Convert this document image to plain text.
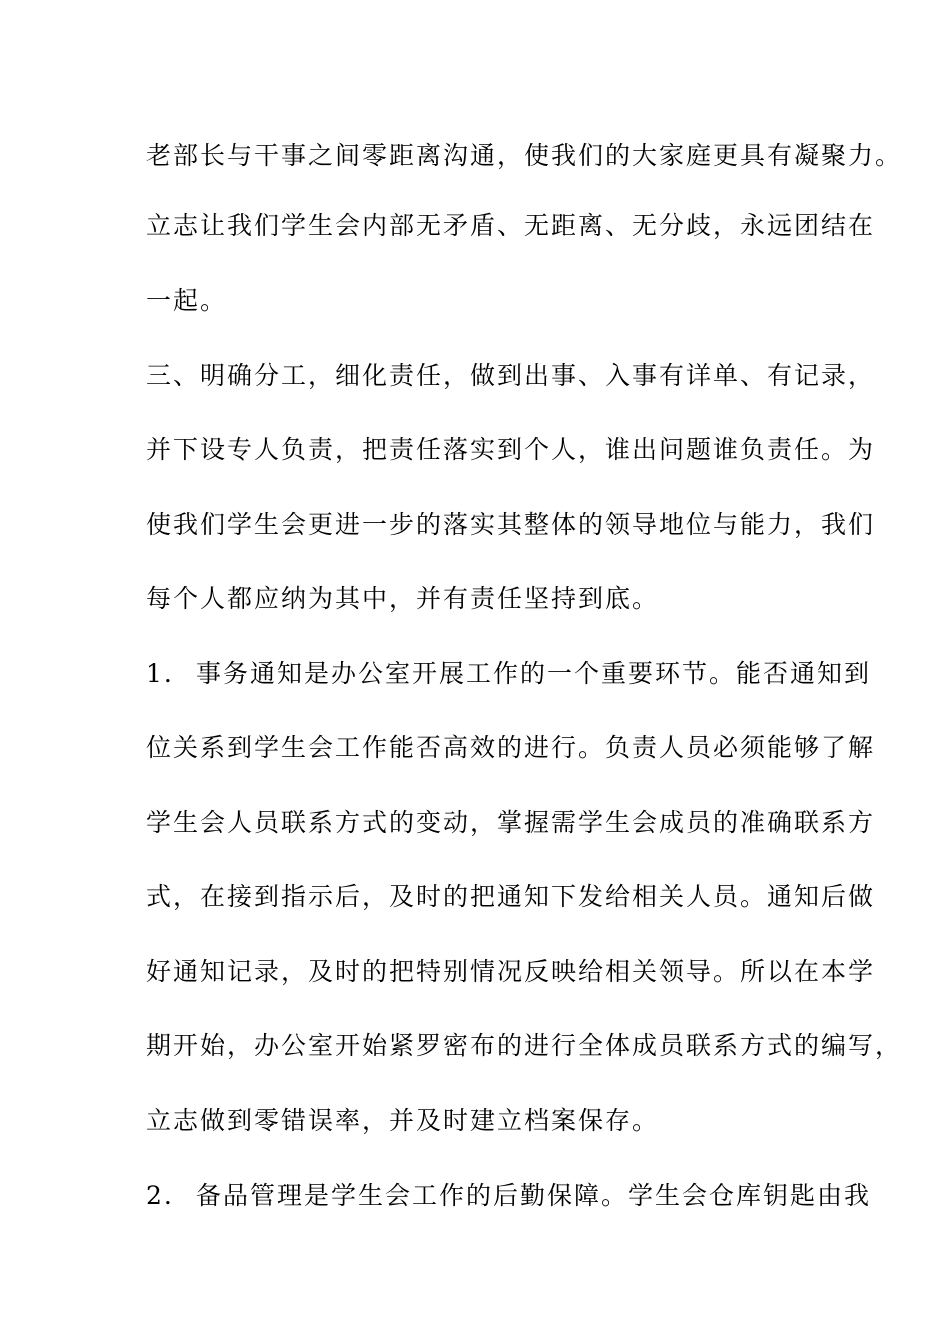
老部长与干事之间零距离沟通，使我们的大家庭更具有凝聚力。
立志让我们学生会内部无矛盾、无距离、无分歧，永远团结在
一起。
三、明确分工，细化责任，做到出事、入事有详单、有记录，
并下设专人负责，把责任落实到个人，谁出问题谁负责任。为
使我们学生会更进一步的落实其整体的领导地位与能力，我们
每个人都应纳为其中，并有责任坚持到底。
1. 事务通知是办公室开展工作的一个重要环节。能否通知到
位关系到学生会工作能否高效的进行。负责人员必须能够了解
学生会人员联系方式的变动，掌握需学生会成员的准确联系方
式，在接到指示后，及时的把通知下发给相关人员。通知后做
好通知记录，及时的把特别情况反映给相关领导。所以在本学
期开始，办公室开始紧罗密布的进行全体成员联系方式的编写，
立志做到零错误率，并及时建立档案保存。
2. 备品管理是学生会工作的后勤保障。学生会仓库钥匙由我
